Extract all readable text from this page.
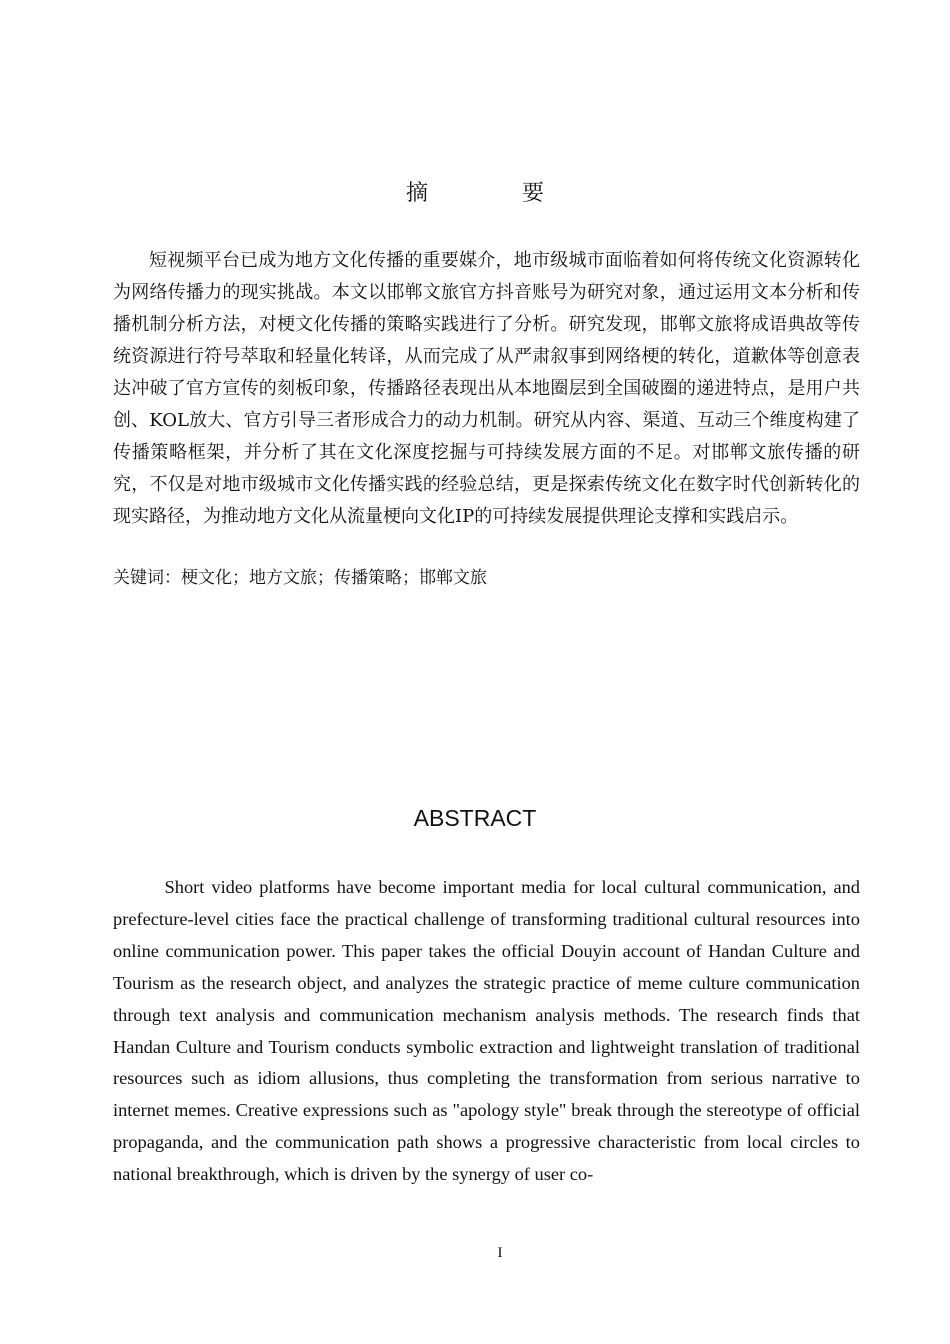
摘　要

短视频平台已成为地方文化传播的重要媒介，地市级城市面临着如何将传统文化资源转化为网络传播力的现实挑战。本文以邯郸文旅官方抖音账号为研究对象，通过运用文本分析和传播机制分析方法，对梗文化传播的策略实践进行了分析。研究发现，邯郸文旅将成语典故等传统资源进行符号萃取和轻量化转译，从而完成了从严肃叙事到网络梗的转化，道歉体等创意表达冲破了官方宣传的刻板印象，传播路径表现出从本地圈层到全国破圈的递进特点，是用户共创、KOL放大、官方引导三者形成合力的动力机制。研究从内容、渠道、互动三个维度构建了传播策略框架，并分析了其在文化深度挖掘与可持续发展方面的不足。对邯郸文旅传播的研究，不仅是对地市级城市文化传播实践的经验总结，更是探索传统文化在数字时代创新转化的现实路径，为推动地方文化从流量梗向文化IP的可持续发展提供理论支撑和实践启示。

关键词：梗文化；地方文旅；传播策略；邯郸文旅

ABSTRACT

Short video platforms have become important media for local cultural communication, and prefecture-level cities face the practical challenge of transforming traditional cultural resources into online communication power. This paper takes the official Douyin account of Handan Culture and Tourism as the research object, and analyzes the strategic practice of meme culture communication through text analysis and communication mechanism analysis methods. The research finds that Handan Culture and Tourism conducts symbolic extraction and lightweight translation of traditional resources such as idiom allusions, thus completing the transformation from serious narrative to internet memes. Creative expressions such as "apology style" break through the stereotype of official propaganda, and the communication path shows a progressive characteristic from local circles to national breakthrough, which is driven by the synergy of user co-

I
